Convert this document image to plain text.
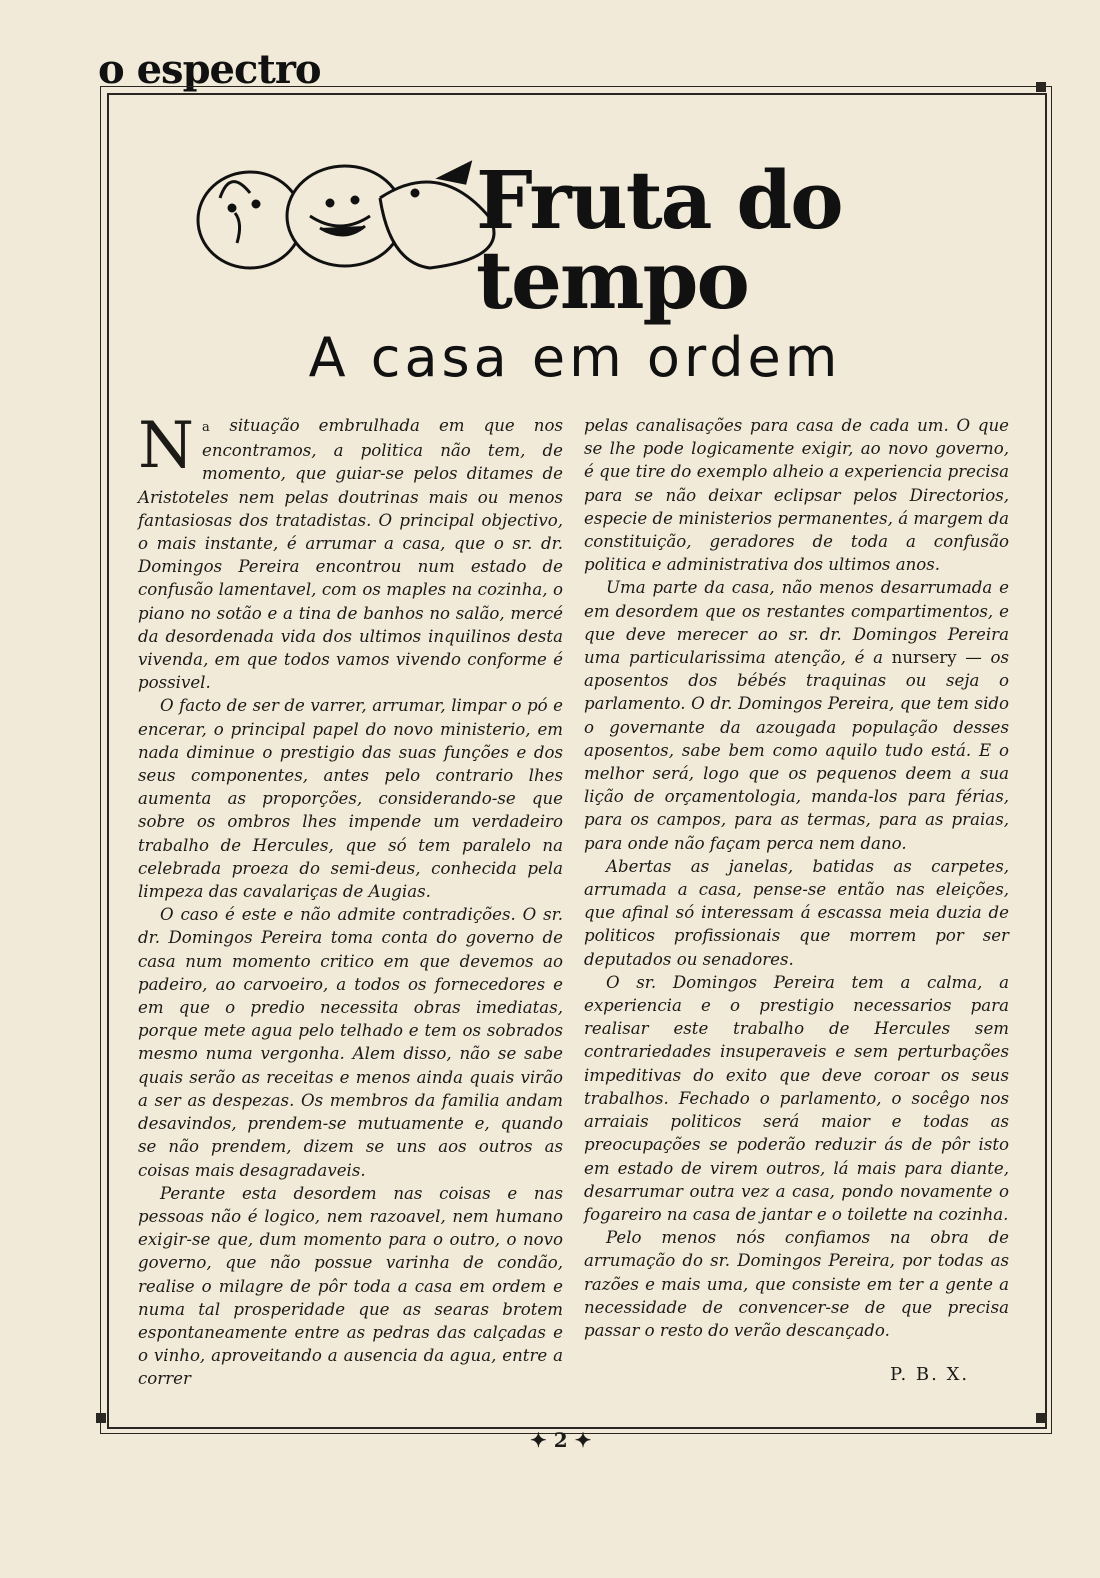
o espectro
Fruta do tempo
A casa em ordem

Na situação embrulhada em que nos encontramos, a politica não tem, de momento, que guiar-se pelos ditames de Aristoteles nem pelas doutrinas mais ou menos fantasiosas dos tratadistas. O principal objectivo, o mais instante, é arrumar a casa, que o sr. dr. Domingos Pereira encontrou num estado de confusão lamentavel, com os maples na cozinha, o piano no sotão e a tina de banhos no salão, mercé da desordenada vida dos ultimos inquilinos desta vivenda, em que todos vamos vivendo conforme é possivel.

O facto de ser de varrer, arrumar, limpar o pó e encerar, o principal papel do novo ministerio, em nada diminue o prestigio das suas funções e dos seus componentes, antes pelo contrario lhes aumenta as proporções, considerando-se que sobre os ombros lhes impende um verdadeiro trabalho de Hercules, que só tem paralelo na celebrada proeza do semi-deus, conhecida pela limpeza das cavalariças de Augias.

O caso é este e não admite contradições. O sr. dr. Domingos Pereira toma conta do governo de casa num momento critico em que devemos ao padeiro, ao carvoeiro, a todos os fornecedores e em que o predio necessita obras imediatas, porque mete agua pelo telhado e tem os sobrados mesmo numa vergonha. Alem disso, não se sabe quais serão as receitas e menos ainda quais virão a ser as despezas. Os membros da familia andam desavindos, prendem-se mutuamente e, quando se não prendem, dizem se uns aos outros as coisas mais desagradaveis.

Perante esta desordem nas coisas e nas pessoas não é logico, nem razoavel, nem humano exigir-se que, dum momento para o outro, o novo governo, que não possue varinha de condão, realise o milagre de pôr toda a casa em ordem e numa tal prosperidade que as searas brotem espontaneamente entre as pedras das calçadas e o vinho, aproveitando a ausencia da agua, entre a correr

pelas canalisações para casa de cada um. O que se lhe pode logicamente exigir, ao novo governo, é que tire do exemplo alheio a experiencia precisa para se não deixar eclipsar pelos Directorios, especie de ministerios permanentes, á margem da constituição, geradores de toda a confusão politica e administrativa dos ultimos anos.

Uma parte da casa, não menos desarrumada e em desordem que os restantes compartimentos, e que deve merecer ao sr. dr. Domingos Pereira uma particularissima atenção, é a nursery — os aposentos dos bébés traquinas ou seja o parlamento. O dr. Domingos Pereira, que tem sido o governante da azougada população desses aposentos, sabe bem como aquilo tudo está. E o melhor será, logo que os pequenos deem a sua lição de orçamentologia, manda-los para férias, para os campos, para as termas, para as praias, para onde não façam perca nem dano.

Abertas as janelas, batidas as carpetes, arrumada a casa, pense-se então nas eleições, que afinal só interessam á escassa meia duzia de politicos profissionais que morrem por ser deputados ou senadores.

O sr. Domingos Pereira tem a calma, a experiencia e o prestigio necessarios para realisar este trabalho de Hercules sem contrariedades insuperaveis e sem perturbações impeditivas do exito que deve coroar os seus trabalhos. Fechado o parlamento, o socêgo nos arraiais politicos será maior e todas as preocupações se poderão reduzir ás de pôr isto em estado de virem outros, lá mais para diante, desarrumar outra vez a casa, pondo novamente o fogareiro na casa de jantar e o toilette na cozinha.

Pelo menos nós confiamos na obra de arrumação do sr. Domingos Pereira, por todas as razões e mais uma, que consiste em ter a gente a necessidade de convencer-se de que precisa passar o resto do verão descançado.

P. B. X.
✦ 2 ✦
